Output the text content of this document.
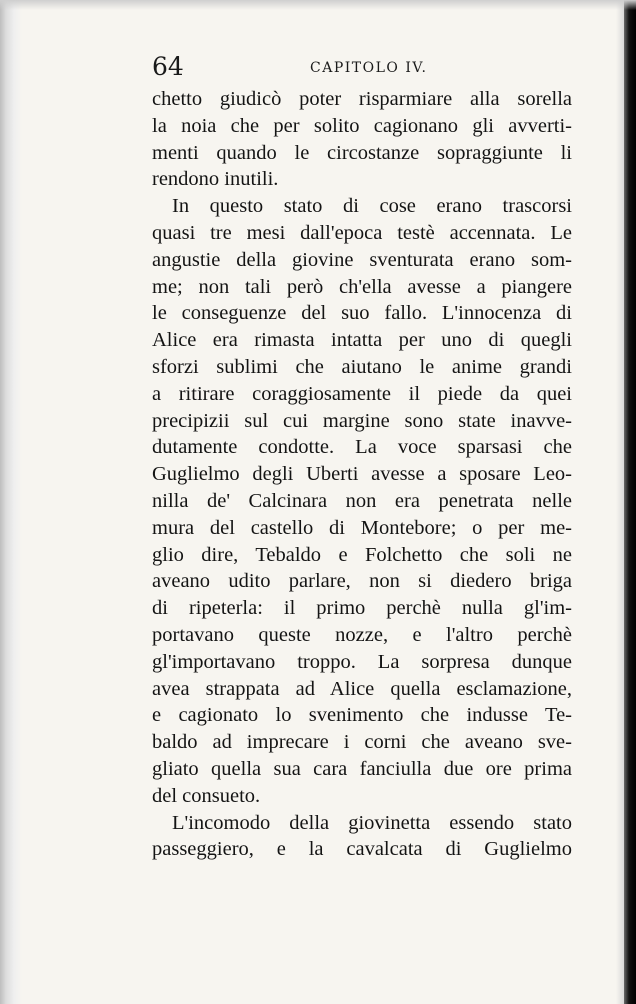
64	CAPITOLO IV.
chetto giudicò poter risparmiare alla sorella
la noia che per solito cagionano gli avverti-
menti quando le circostanze sopraggiunte li
rendono inutili.
In questo stato di cose erano trascorsi
quasi tre mesi dall'epoca testè accennata. Le
angustie della giovine sventurata erano som-
me; non tali però ch'ella avesse a piangere
le conseguenze del suo fallo. L'innocenza di
Alice era rimasta intatta per uno di quegli
sforzi sublimi che aiutano le anime grandi
a ritirare coraggiosamente il piede da quei
precipizii sul cui margine sono state inavve-
dutamente condotte. La voce sparsasi che
Guglielmo degli Uberti avesse a sposare Leo-
nilla de' Calcinara non era penetrata nelle
mura del castello di Montebore; o per me-
glio dire, Tebaldo e Folchetto che soli ne
aveano udito parlare, non si diedero briga
di ripeterla: il primo perchè nulla gl'im-
portavano queste nozze, e l'altro perchè
gl'importavano troppo. La sorpresa dunque
avea strappata ad Alice quella esclamazione,
e cagionato lo svenimento che indusse Te-
baldo ad imprecare i corni che aveano sve-
gliato quella sua cara fanciulla due ore prima
del consueto.
L'incomodo della giovinetta essendo stato
passeggiero, e la cavalcata di Guglielmo
